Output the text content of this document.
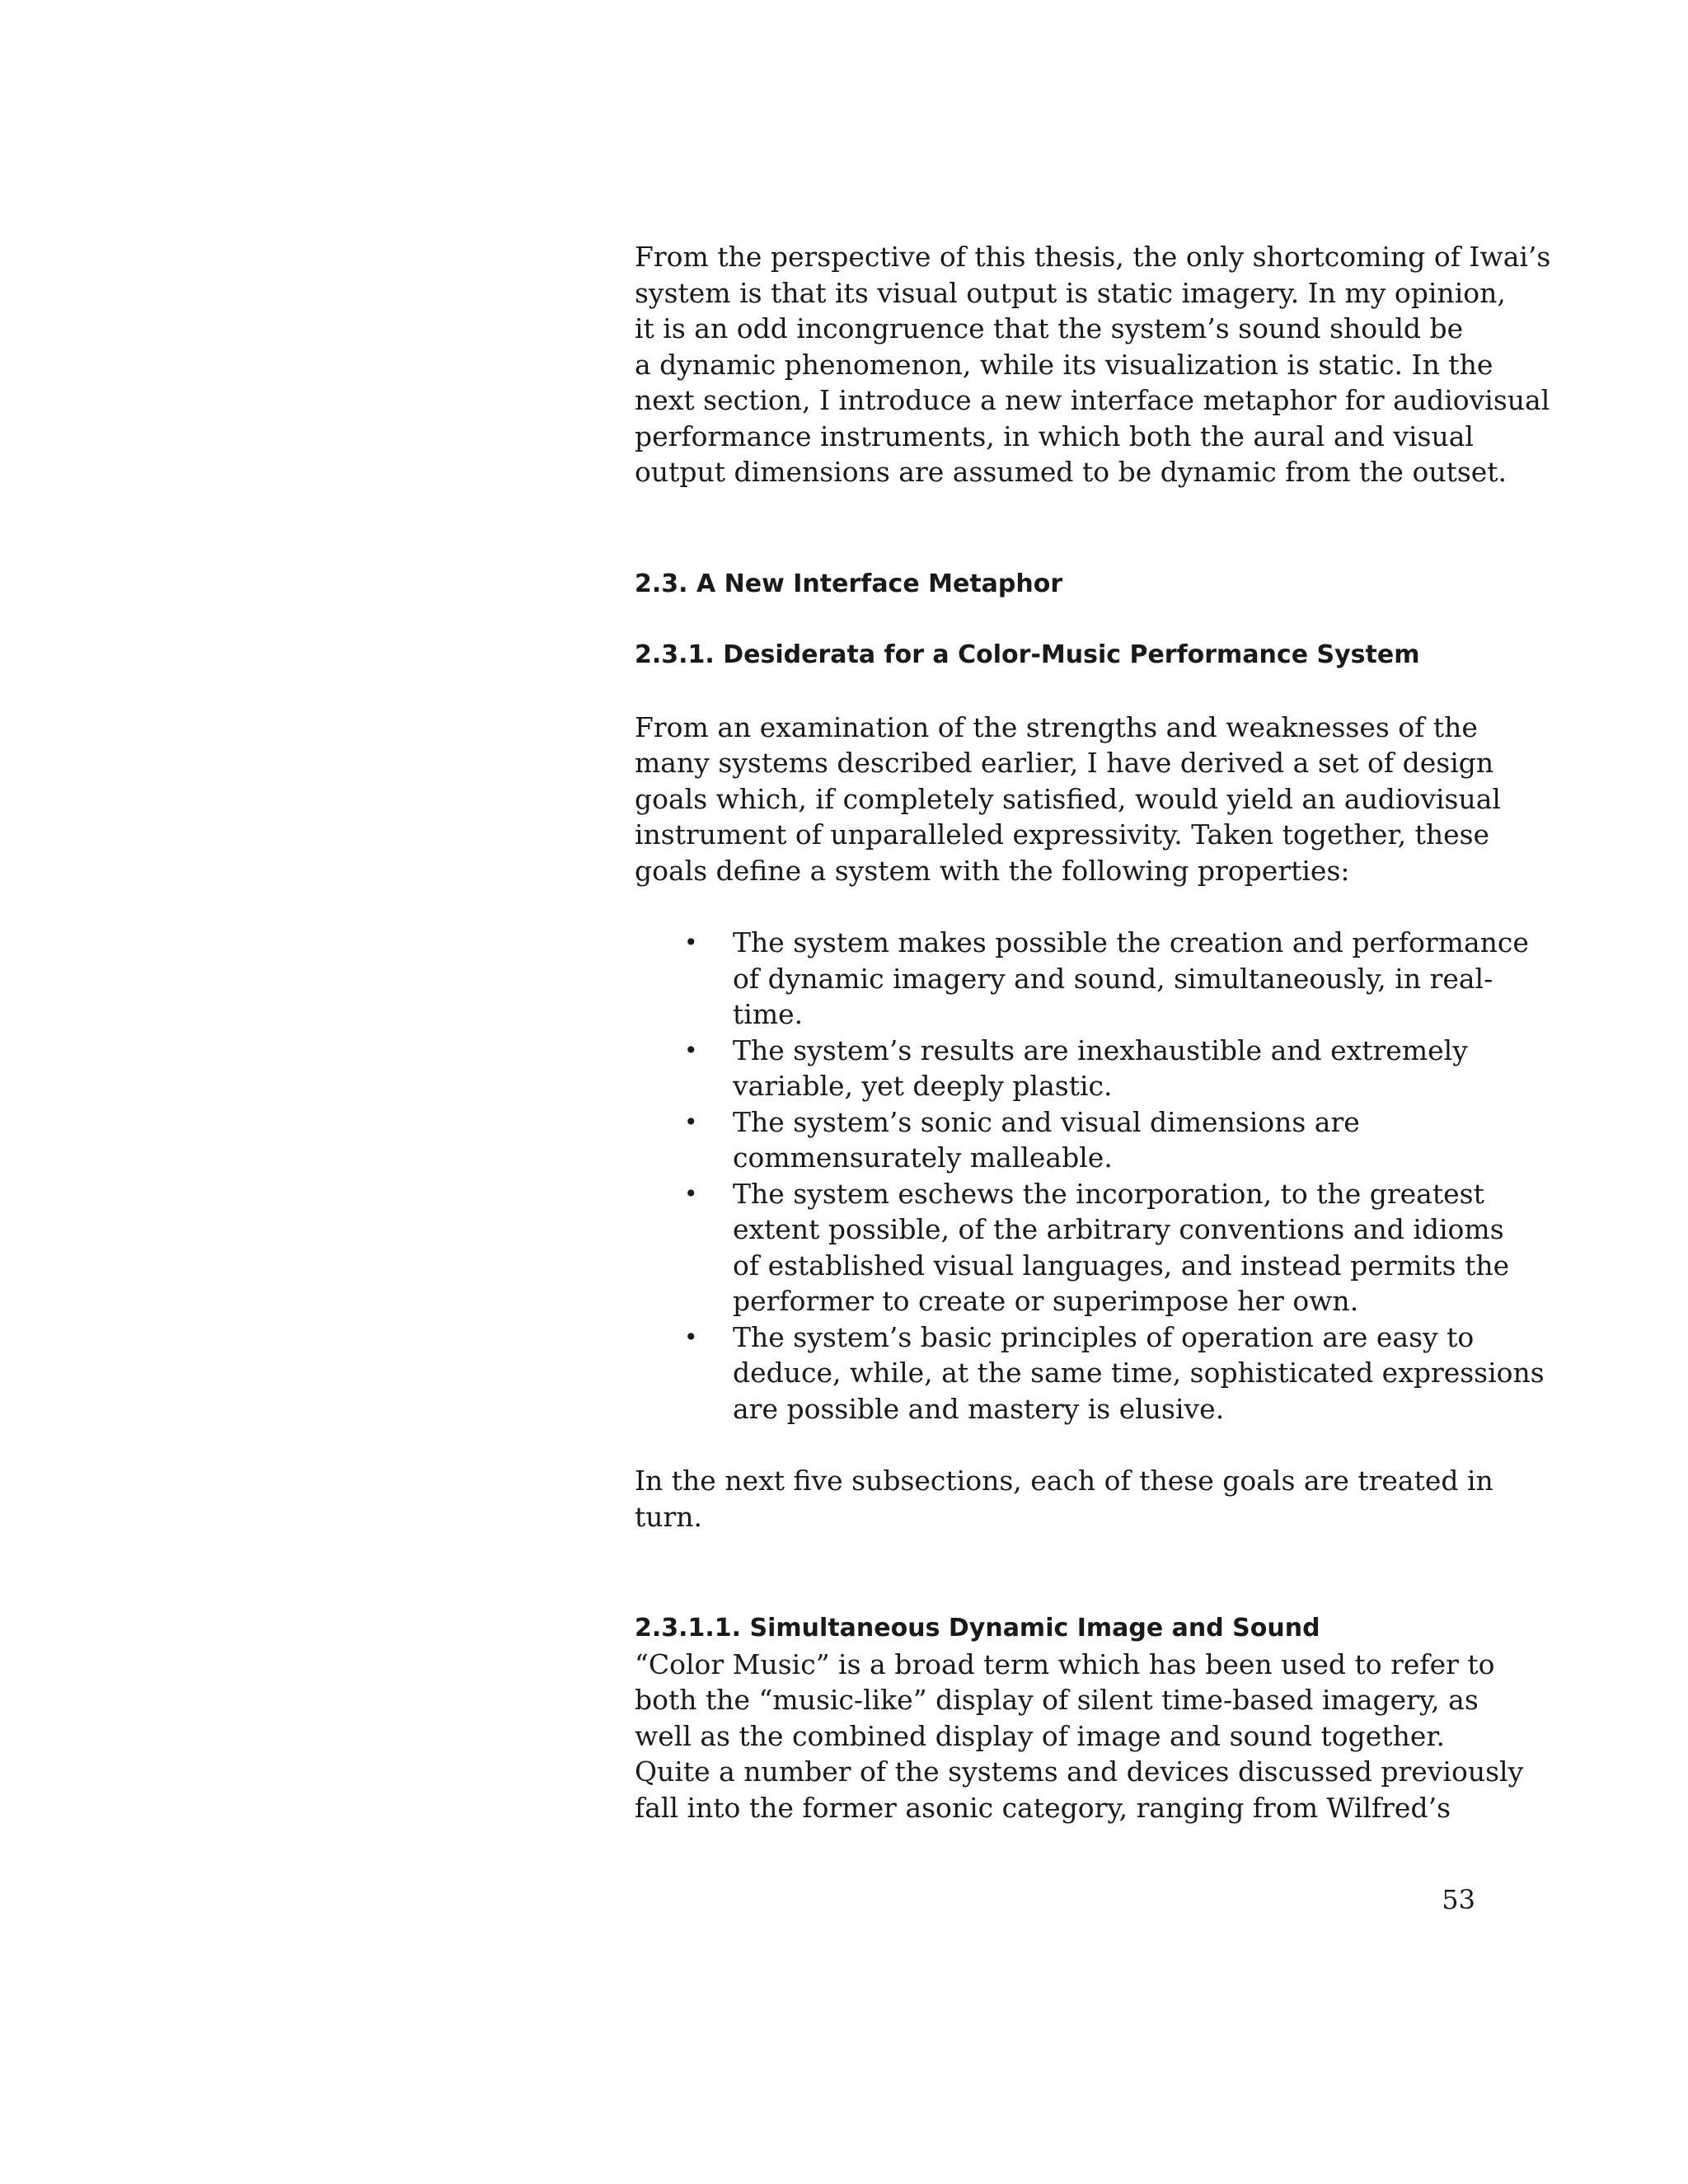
From the perspective of this thesis, the only shortcoming of Iwai’s
system is that its visual output is static imagery. In my opinion,
it is an odd incongruence that the system’s sound should be
a dynamic phenomenon, while its visualization is static. In the
next section, I introduce a new interface metaphor for audiovisual
performance instruments, in which both the aural and visual
output dimensions are assumed to be dynamic from the outset.

2.3. A New Interface Metaphor
2.3.1. Desiderata for a Color-Music Performance System

From an examination of the strengths and weaknesses of the
many systems described earlier, I have derived a set of design
goals which, if completely satisfied, would yield an audiovisual
instrument of unparalleled expressivity. Taken together, these
goals define a system with the following properties:

• The system makes possible the creation and performance
of dynamic imagery and sound, simultaneously, in real-
time.
• The system’s results are inexhaustible and extremely
variable, yet deeply plastic.
• The system’s sonic and visual dimensions are
commensurately malleable.
• The system eschews the incorporation, to the greatest
extent possible, of the arbitrary conventions and idioms
of established visual languages, and instead permits the
performer to create or superimpose her own.
• The system’s basic principles of operation are easy to
deduce, while, at the same time, sophisticated expressions
are possible and mastery is elusive.

In the next five subsections, each of these goals are treated in
turn.

2.3.1.1. Simultaneous Dynamic Image and Sound

“Color Music” is a broad term which has been used to refer to
both the “music-like” display of silent time-based imagery, as
well as the combined display of image and sound together.
Quite a number of the systems and devices discussed previously
fall into the former asonic category, ranging from Wilfred’s

53
